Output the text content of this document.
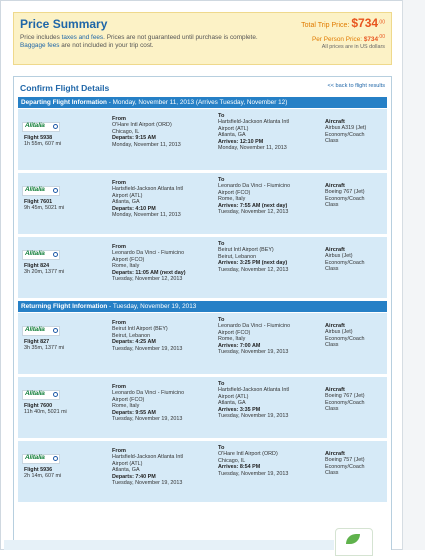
Price Summary
Price includes taxes and fees. Prices are not guaranteed until purchase is complete.
Baggage fees are not included in your trip cost.
Total Trip Price: $\$734^{.00}$
Per Person Price: $\$734^{.00}$
All prices are in US dollars
Confirm Flight Details	<< back to flight results
Departing Flight Information - Monday, November 11, 2013 (Arrives Tuesday, November 12)
Alitalia
Flight 5938
1h 55m, 607 mi
From
O'Hare Intl Airport (ORD)
Chicago, IL
Departs: 9:15 AM
Monday, November 11, 2013
To
Hartsfield-Jackson Atlanta Intl
Airport (ATL)
Atlanta, GA
Arrives: 12:10 PM
Monday, November 11, 2013
Aircraft
Airbus A319 (Jet)
Economy/Coach
Class
Alitalia
Flight 7601
9h 45m, 5021 mi
From
Hartsfield-Jackson Atlanta Intl
Airport (ATL)
Atlanta, GA
Departs: 4:10 PM
Monday, November 11, 2013
To
Leonardo Da Vinci - Fiumicino
Airport (FCO)
Rome, Italy
Arrives: 7:55 AM (next day)
Tuesday, November 12, 2013
Aircraft
Boeing 767 (Jet)
Economy/Coach
Class
Alitalia
Flight 824
3h 20m, 1377 mi
From
Leonardo Da Vinci - Fiumicino
Airport (FCO)
Rome, Italy
Departs: 11:05 AM (next day)
Tuesday, November 12, 2013
To
Beirut Intl Airport (BEY)
Beirut, Lebanon
Arrives: 3:25 PM (next day)
Tuesday, November 12, 2013
Aircraft
Airbus (Jet)
Economy/Coach
Class
Returning Flight Information - Tuesday, November 19, 2013
Alitalia
Flight 827
3h 35m, 1377 mi
From
Beirut Intl Airport (BEY)
Beirut, Lebanon
Departs: 4:25 AM
Tuesday, November 19, 2013
To
Leonardo Da Vinci - Fiumicino
Airport (FCO)
Rome, Italy
Arrives: 7:00 AM
Tuesday, November 19, 2013
Aircraft
Airbus (Jet)
Economy/Coach
Class
Alitalia
Flight 7600
11h 40m, 5021 mi
From
Leonardo Da Vinci - Fiumicino
Airport (FCO)
Rome, Italy
Departs: 9:55 AM
Tuesday, November 19, 2013
To
Hartsfield-Jackson Atlanta Intl
Airport (ATL)
Atlanta, GA
Arrives: 3:35 PM
Tuesday, November 19, 2013
Aircraft
Boeing 767 (Jet)
Economy/Coach
Class
Alitalia
Flight 5936
2h 14m, 607 mi
From
Hartsfield-Jackson Atlanta Intl
Airport (ATL)
Atlanta, GA
Departs: 7:40 PM
Tuesday, November 19, 2013
To
O'Hare Intl Airport (ORD)
Chicago, IL
Arrives: 8:54 PM
Tuesday, November 19, 2013
Aircraft
Boeing 757 (Jet)
Economy/Coach
Class
